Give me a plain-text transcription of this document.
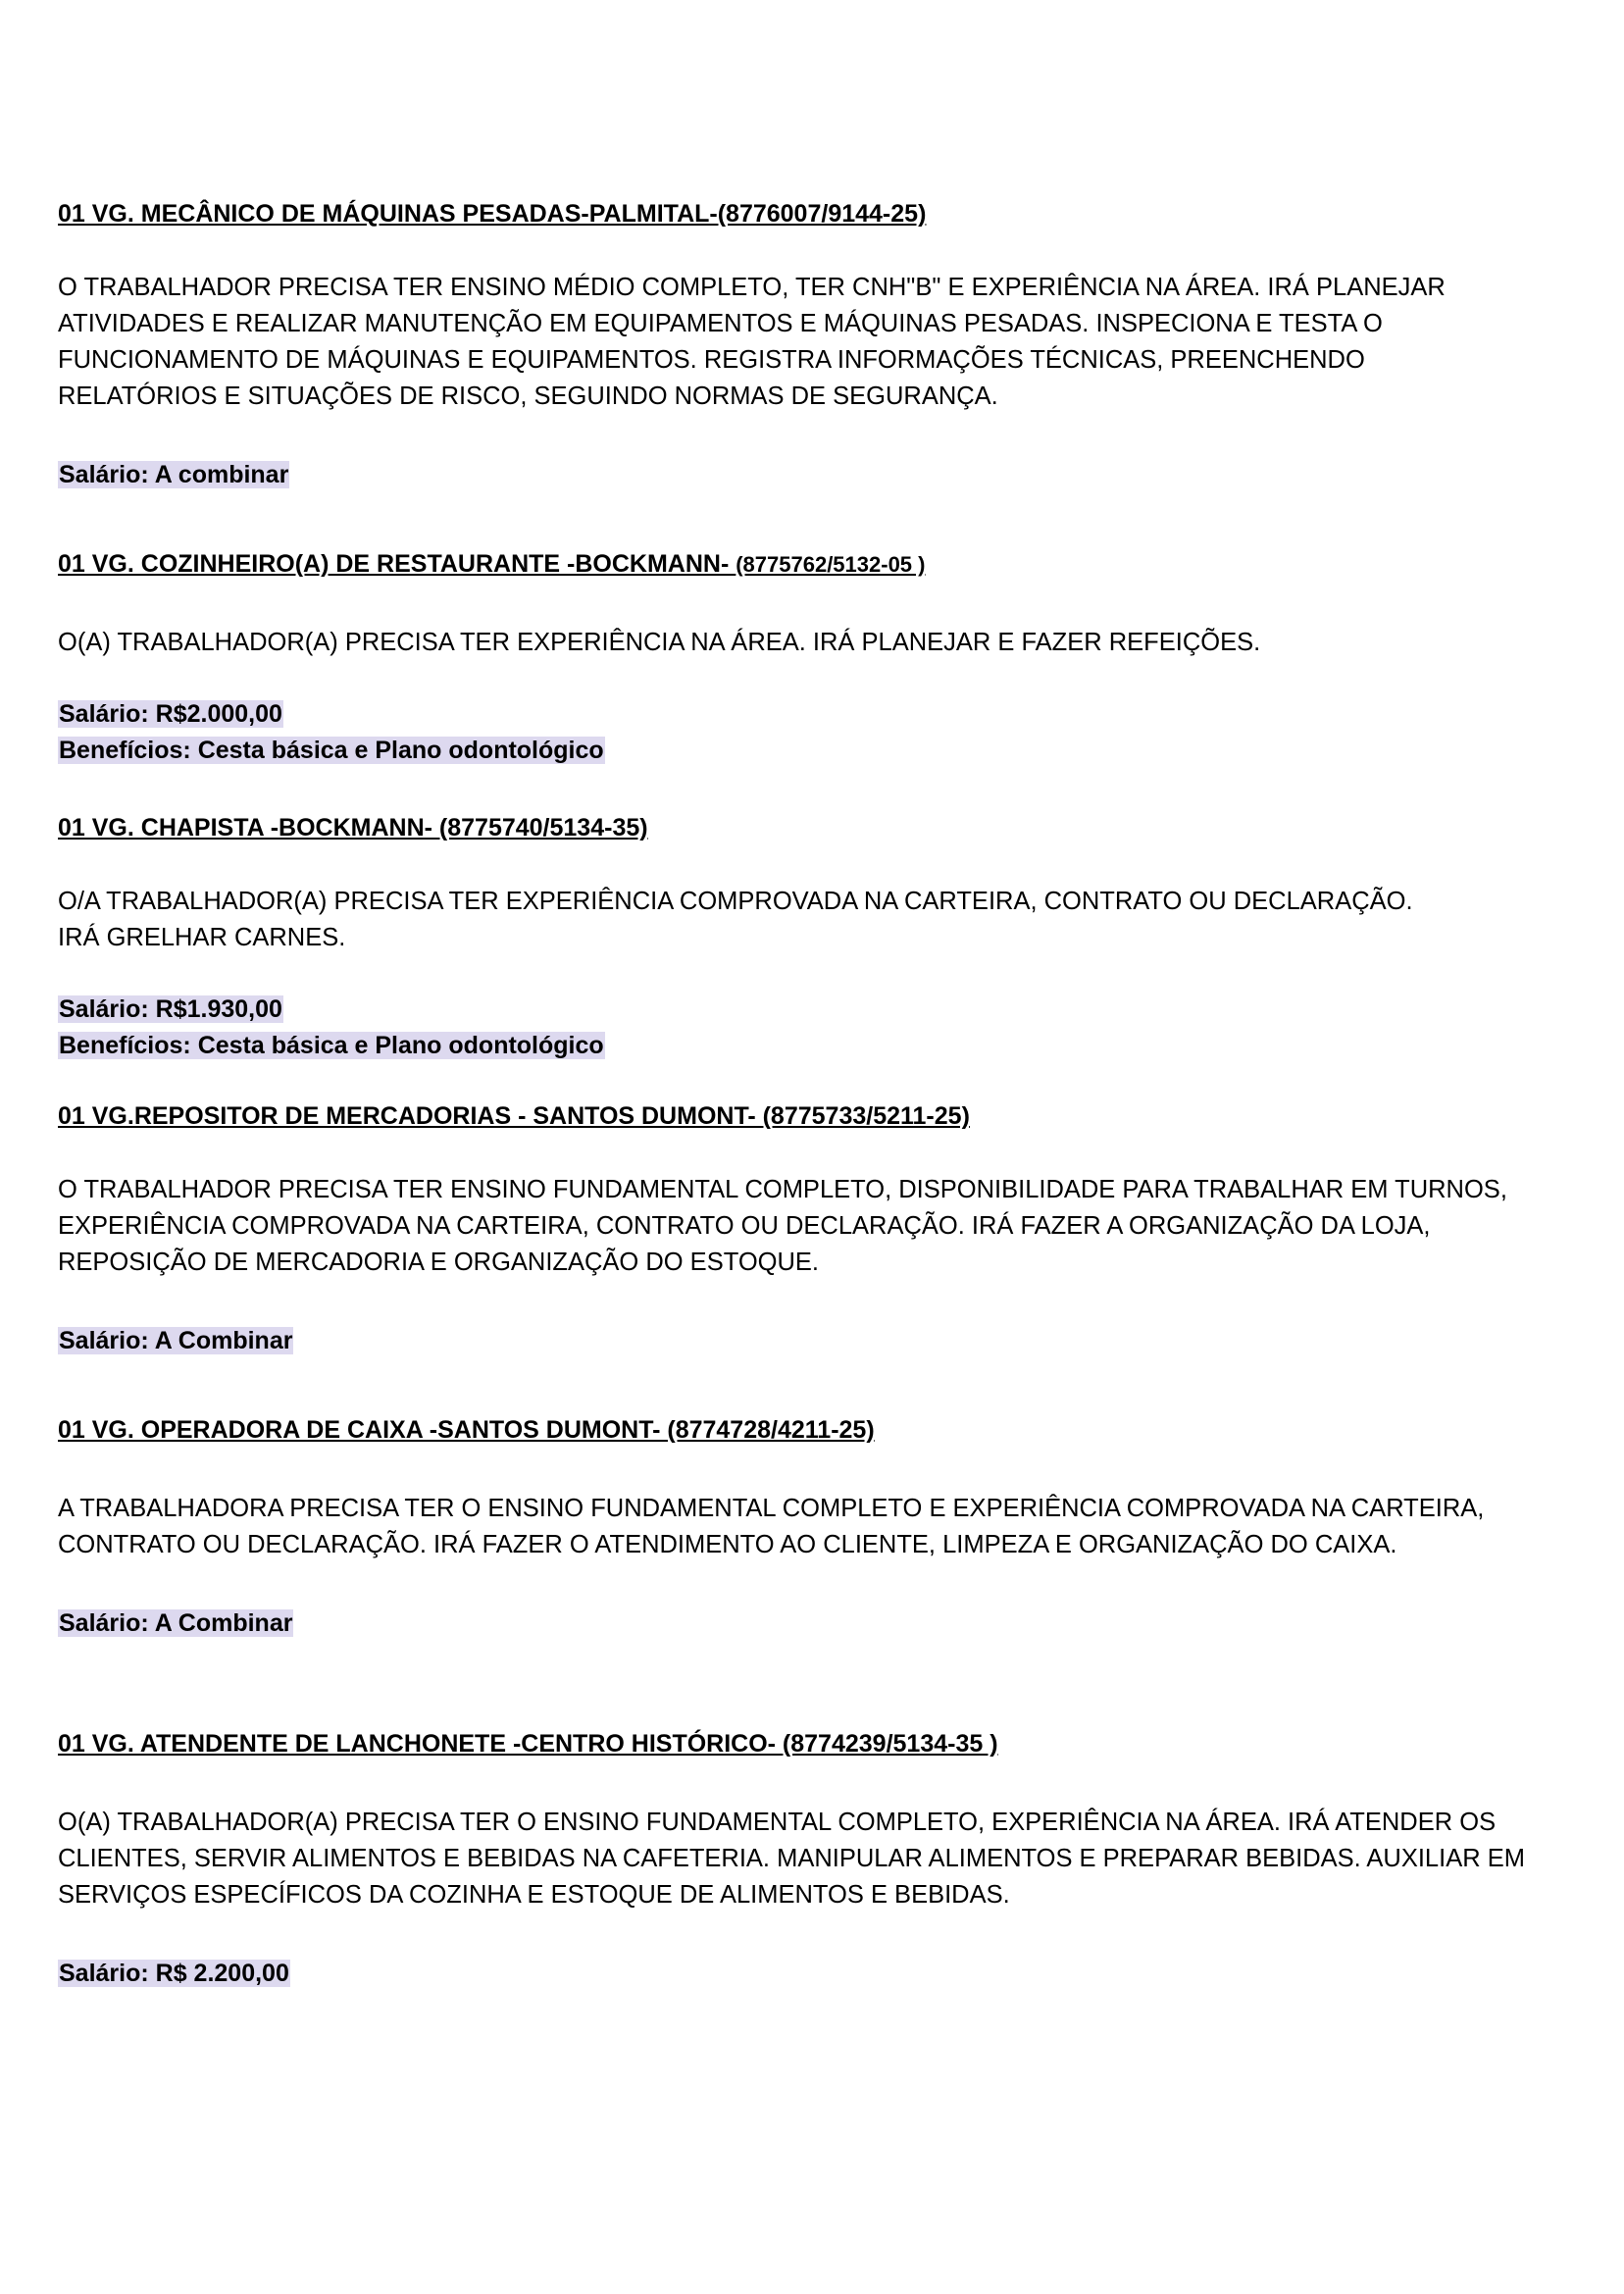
01 VG. MECÂNICO DE MÁQUINAS PESADAS-PALMITAL-(8776007/9144-25)

O TRABALHADOR PRECISA TER ENSINO MÉDIO COMPLETO, TER CNH"B" E EXPERIÊNCIA NA ÁREA. IRÁ PLANEJAR ATIVIDADES E REALIZAR MANUTENÇÃO EM EQUIPAMENTOS E MÁQUINAS PESADAS. INSPECIONA E TESTA O FUNCIONAMENTO DE MÁQUINAS E EQUIPAMENTOS. REGISTRA INFORMAÇÕES TÉCNICAS, PREENCHENDO RELATÓRIOS E SITUAÇÕES DE RISCO, SEGUINDO NORMAS DE SEGURANÇA.

Salário: A combinar

01 VG. COZINHEIRO(A) DE RESTAURANTE -BOCKMANN- (8775762/5132-05 )

O(A) TRABALHADOR(A) PRECISA TER EXPERIÊNCIA NA ÁREA. IRÁ PLANEJAR E FAZER REFEIÇÕES.

Salário: R$2.000,00

Benefícios: Cesta básica e Plano odontológico

01 VG. CHAPISTA -BOCKMANN- (8775740/5134-35)

O/A TRABALHADOR(A) PRECISA TER EXPERIÊNCIA COMPROVADA NA CARTEIRA, CONTRATO OU DECLARAÇÃO. IRÁ GRELHAR CARNES.

Salário: R$1.930,00

Benefícios: Cesta básica e Plano odontológico

01 VG.REPOSITOR DE MERCADORIAS - SANTOS DUMONT- (8775733/5211-25)

O TRABALHADOR PRECISA TER ENSINO FUNDAMENTAL COMPLETO, DISPONIBILIDADE PARA TRABALHAR EM TURNOS, EXPERIÊNCIA COMPROVADA NA CARTEIRA, CONTRATO OU DECLARAÇÃO. IRÁ FAZER A ORGANIZAÇÃO DA LOJA, REPOSIÇÃO DE MERCADORIA E ORGANIZAÇÃO DO ESTOQUE.

Salário: A Combinar

01 VG. OPERADORA DE CAIXA -SANTOS DUMONT- (8774728/4211-25)

A TRABALHADORA PRECISA TER O ENSINO FUNDAMENTAL COMPLETO E EXPERIÊNCIA COMPROVADA NA CARTEIRA, CONTRATO OU DECLARAÇÃO. IRÁ FAZER O ATENDIMENTO AO CLIENTE, LIMPEZA E ORGANIZAÇÃO DO CAIXA.

Salário: A Combinar

01 VG. ATENDENTE DE LANCHONETE -CENTRO HISTÓRICO- (8774239/5134-35 )

O(A) TRABALHADOR(A) PRECISA TER O ENSINO FUNDAMENTAL COMPLETO, EXPERIÊNCIA NA ÁREA. IRÁ ATENDER OS CLIENTES, SERVIR ALIMENTOS E BEBIDAS NA CAFETERIA. MANIPULAR ALIMENTOS E PREPARAR BEBIDAS. AUXILIAR EM SERVIÇOS ESPECÍFICOS DA COZINHA E ESTOQUE DE ALIMENTOS E BEBIDAS.

Salário: R$ 2.200,00
